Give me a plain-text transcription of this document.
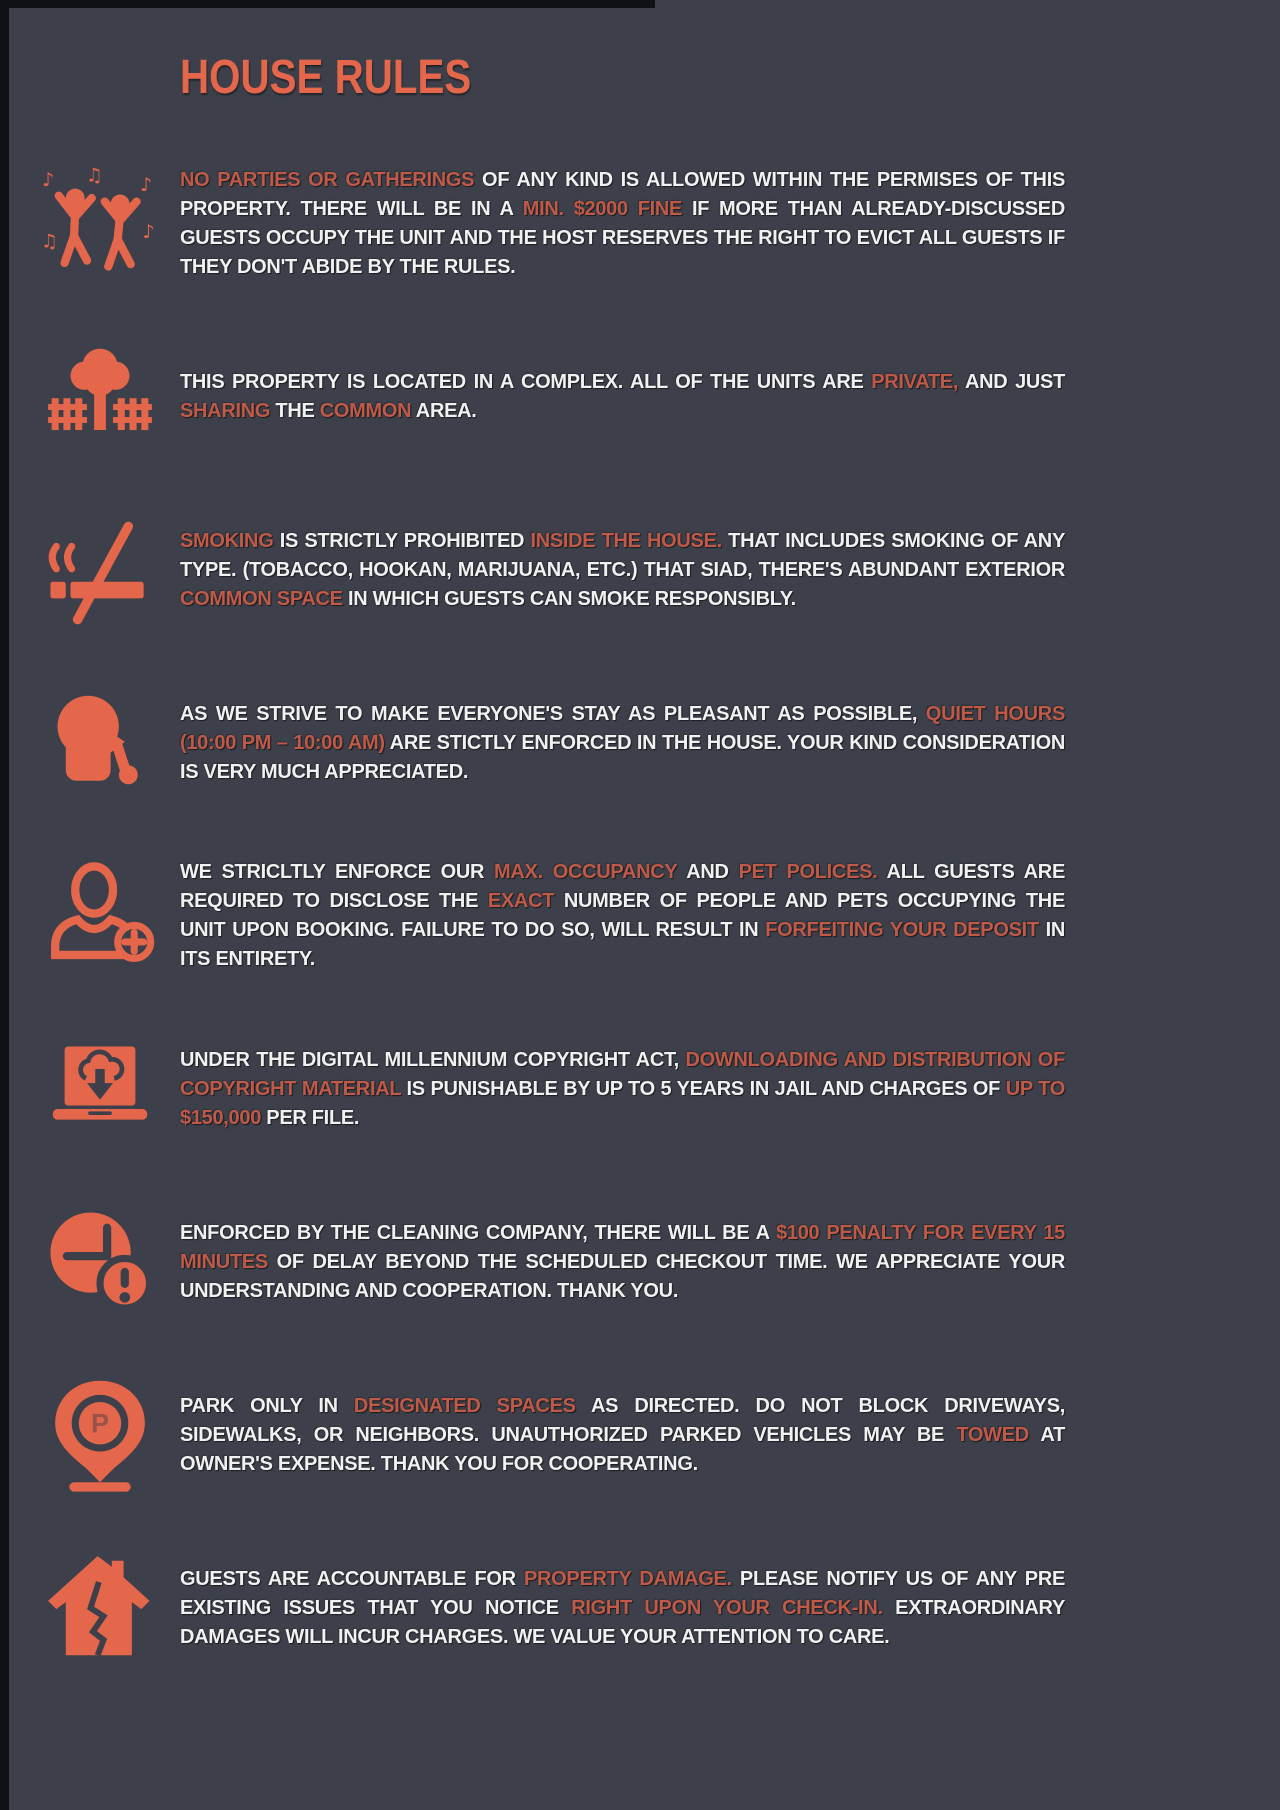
HOUSE RULES
♪ ♫ ♪
♫	♪

NO PARTIES OR GATHERINGS OF ANY KIND IS ALLOWED WITHIN THE PERMISES OF THIS PROPERTY. THERE WILL BE IN A MIN. $2000 FINE IF MORE THAN ALREADY-DISCUSSED GUESTS OCCUPY THE UNIT AND THE HOST RESERVES THE RIGHT TO EVICT ALL GUESTS IF THEY DON'T ABIDE BY THE RULES.

THIS PROPERTY IS LOCATED IN A COMPLEX. ALL OF THE UNITS ARE PRIVATE, AND JUST SHARING THE COMMON AREA.

SMOKING IS STRICTLY PROHIBITED INSIDE THE HOUSE. THAT INCLUDES SMOKING OF ANY TYPE. (TOBACCO, HOOKAN, MARIJUANA, ETC.) THAT SIAD, THERE'S ABUNDANT EXTERIOR COMMON SPACE IN WHICH GUESTS CAN SMOKE RESPONSIBLY.

AS WE STRIVE TO MAKE EVERYONE'S STAY AS PLEASANT AS POSSIBLE, QUIET HOURS (10:00 PM – 10:00 AM) ARE STICTLY ENFORCED IN THE HOUSE. YOUR KIND CONSIDERATION IS VERY MUCH APPRECIATED.

WE STRICLTLY ENFORCE OUR MAX. OCCUPANCY AND PET POLICES. ALL GUESTS ARE REQUIRED TO DISCLOSE THE EXACT NUMBER OF PEOPLE AND PETS OCCUPYING THE UNIT UPON BOOKING. FAILURE TO DO SO, WILL RESULT IN FORFEITING YOUR DEPOSIT IN ITS ENTIRETY.

UNDER THE DIGITAL MILLENNIUM COPYRIGHT ACT, DOWNLOADING AND DISTRIBUTION OF COPYRIGHT MATERIAL IS PUNISHABLE BY UP TO 5 YEARS IN JAIL AND CHARGES OF UP TO $150,000 PER FILE.

ENFORCED BY THE CLEANING COMPANY, THERE WILL BE A $100 PENALTY FOR EVERY 15 MINUTES OF DELAY BEYOND THE SCHEDULED CHECKOUT TIME. WE APPRECIATE YOUR UNDERSTANDING AND COOPERATION. THANK YOU.

P

PARK ONLY IN DESIGNATED SPACES AS DIRECTED. DO NOT BLOCK DRIVEWAYS, SIDEWALKS, OR NEIGHBORS. UNAUTHORIZED PARKED VEHICLES MAY BE TOWED AT OWNER'S EXPENSE. THANK YOU FOR COOPERATING.

GUESTS ARE ACCOUNTABLE FOR PROPERTY DAMAGE. PLEASE NOTIFY US OF ANY PRE EXISTING ISSUES THAT YOU NOTICE RIGHT UPON YOUR CHECK-IN. EXTRAORDINARY DAMAGES WILL INCUR CHARGES. WE VALUE YOUR ATTENTION TO CARE.
